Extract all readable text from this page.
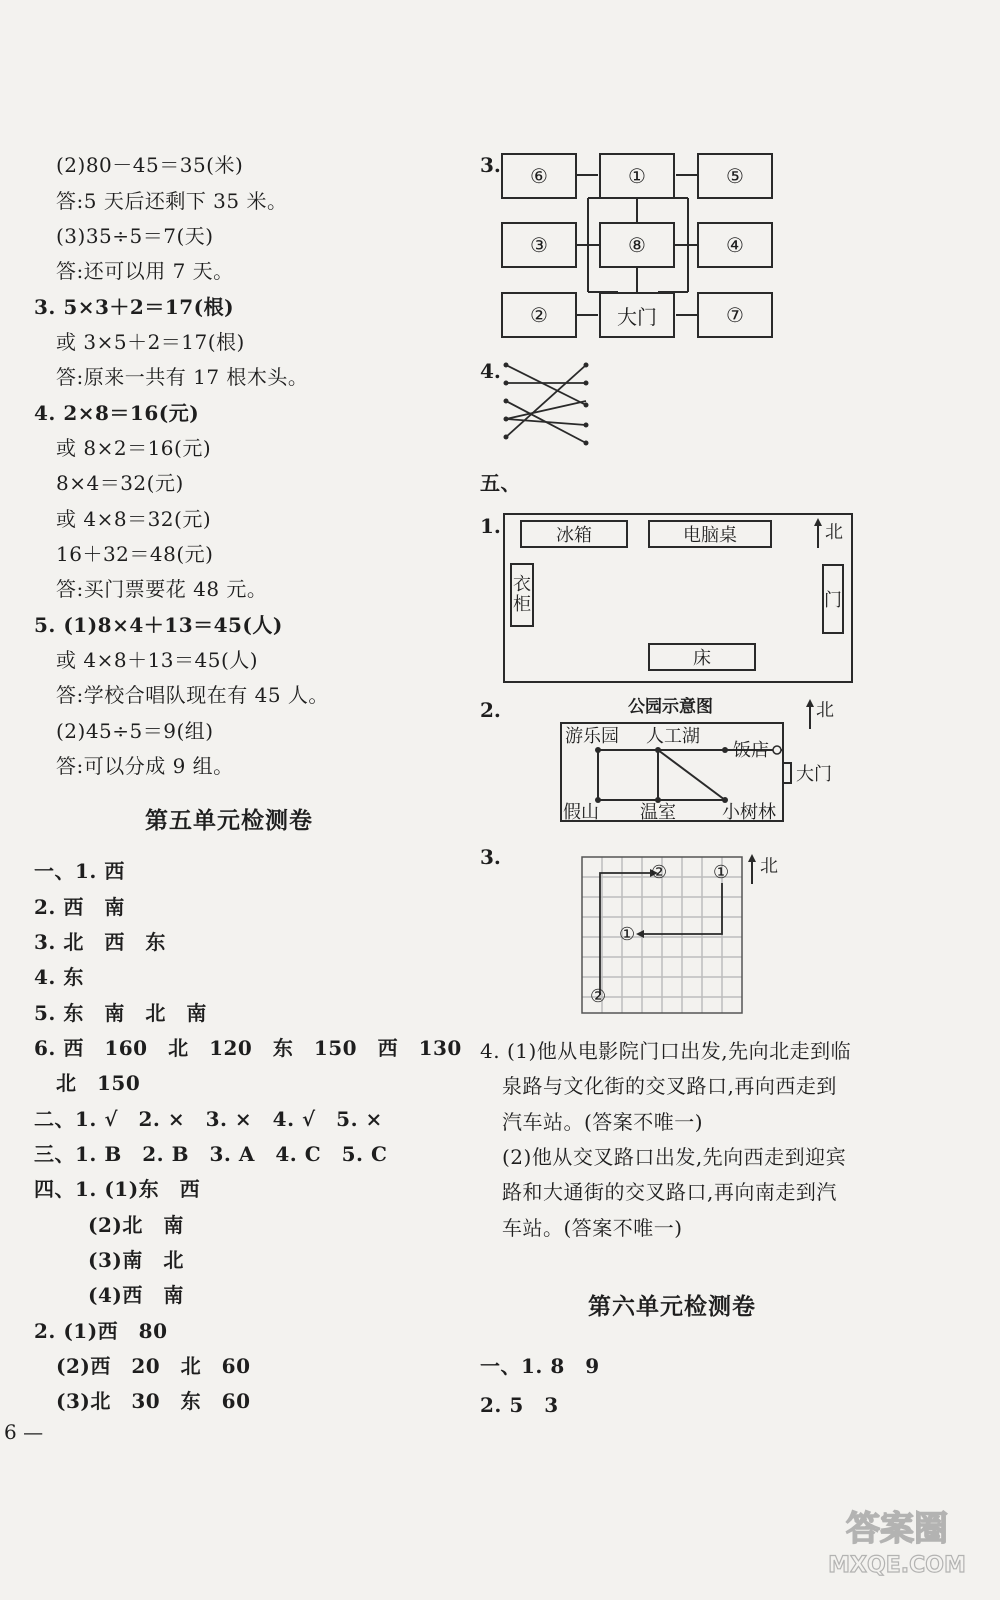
(2)80－45＝35(米)
答:5 天后还剩下 35 米。
(3)35÷5＝7(天)
答:还可以用 7 天。
3. 5×3＋2＝17(根)
或 3×5＋2＝17(根)
答:原来一共有 17 根木头。
4. 2×8＝16(元)
或 8×2＝16(元)
8×4＝32(元)
或 4×8＝32(元)
16＋32＝48(元)
答:买门票要花 48 元。
5. (1)8×4＋13＝45(人)
或 4×8＋13＝45(人)
答:学校合唱队现在有 45 人。
(2)45÷5＝9(组)
答:可以分成 9 组。
第五单元检测卷
一、1. 西
2. 西　南
3. 北　西　东
4. 东
5. 东　南　北　南
6. 西　160　北　120　东　150　西　130
北　150
二、1. √　2. ×　3. ×　4. √　5. ×
三、1. B　2. B　3. A　4. C　5. C
四、1. (1)东　西
(2)北　南
(3)南　北
(4)西　南
2. (1)西　80
(2)西　20　北　60
(3)北　30　东　60
6 —
3.	⑥	①	⑤
③	⑧	④
②	大门	⑦
4.
五、
1.	冰箱	电脑桌
衣柜	门
床
北
2.	公园示意图	北
游乐园 人工湖
饭店
大门
假山 温室	小树林
3.
②	①
①
②
北
4. (1)他从电影院门口出发,先向北走到临
泉路与文化街的交叉路口,再向西走到
汽车站。(答案不唯一)
(2)他从交叉路口出发,先向西走到迎宾
路和大通街的交叉路口,再向南走到汽
车站。(答案不唯一)
第六单元检测卷
一、1. 8　9
2. 5　3
答案圈
MXQE.COM
